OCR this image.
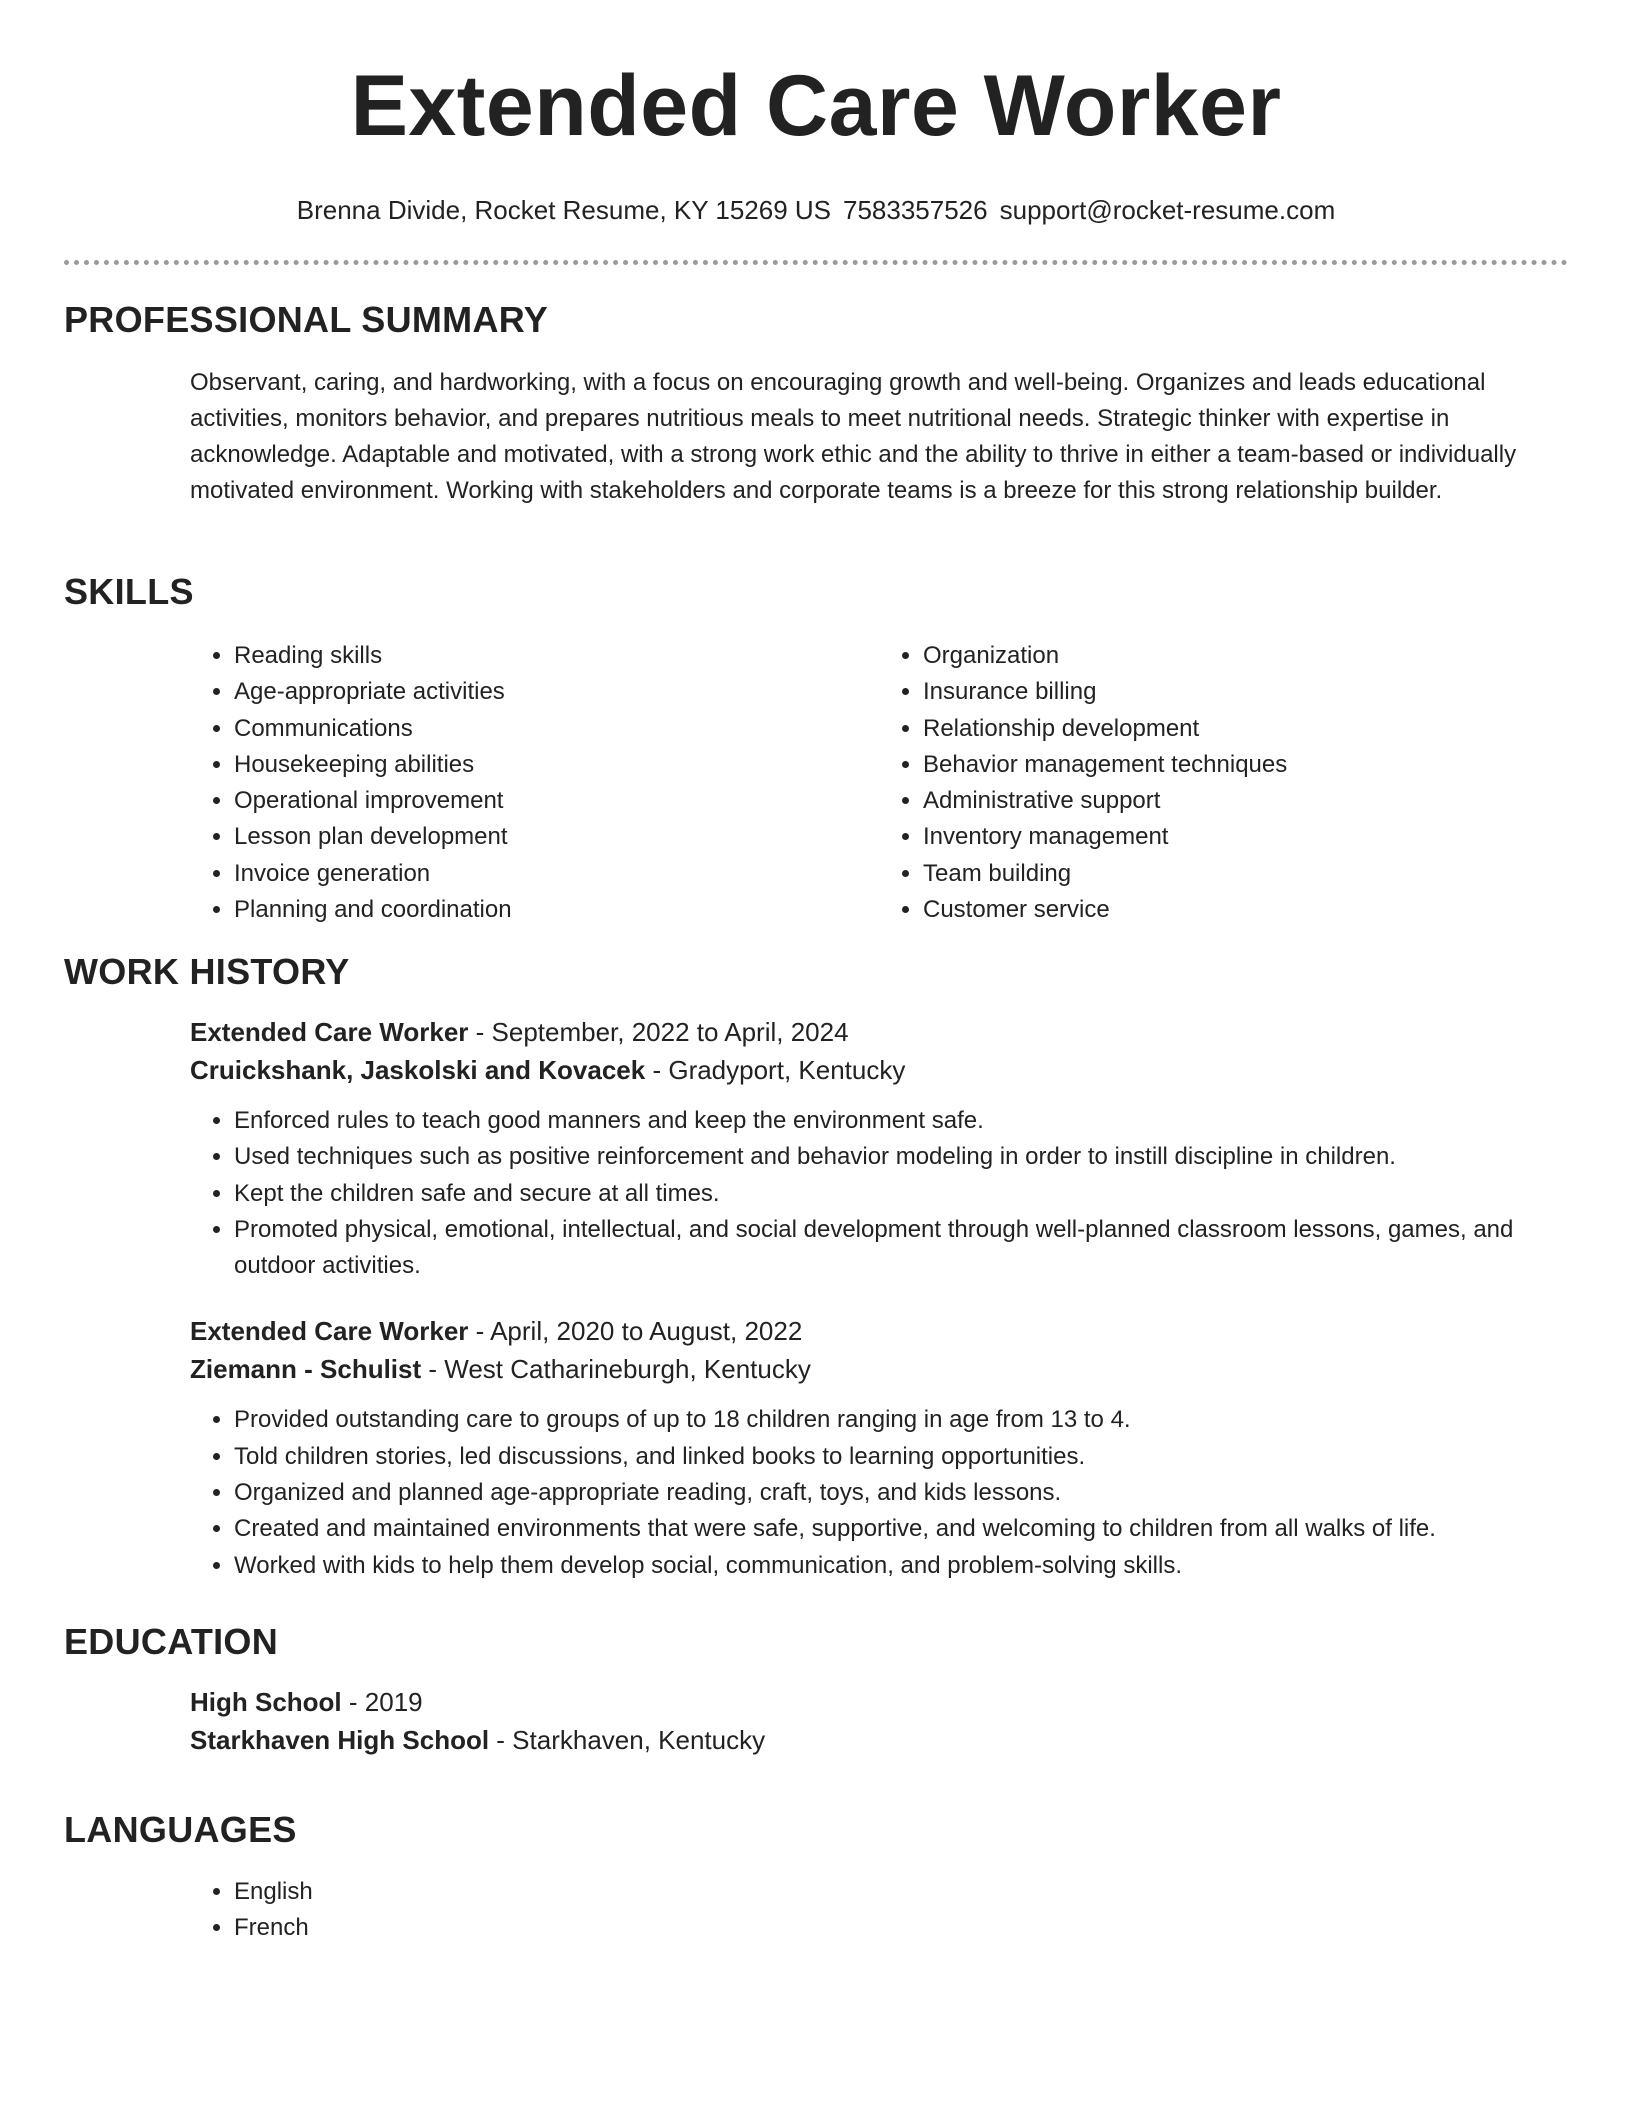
Extended Care Worker
Brenna Divide, Rocket Resume, KY 15269 US 7583357526 support@rocket-resume.com
PROFESSIONAL SUMMARY
Observant, caring, and hardworking, with a focus on encouraging growth and well-being. Organizes and leads educational activities, monitors behavior, and prepares nutritious meals to meet nutritional needs. Strategic thinker with expertise in acknowledge. Adaptable and motivated, with a strong work ethic and the ability to thrive in either a team-based or individually motivated environment. Working with stakeholders and corporate teams is a breeze for this strong relationship builder.
SKILLS
• Reading skills
• Age-appropriate activities
• Communications
• Housekeeping abilities
• Operational improvement
• Lesson plan development
• Invoice generation
• Planning and coordination
• Organization
• Insurance billing
• Relationship development
• Behavior management techniques
• Administrative support
• Inventory management
• Team building
• Customer service
WORK HISTORY
Extended Care Worker - September, 2022 to April, 2024
Cruickshank, Jaskolski and Kovacek - Gradyport, Kentucky
• Enforced rules to teach good manners and keep the environment safe.
• Used techniques such as positive reinforcement and behavior modeling in order to instill discipline in children.
• Kept the children safe and secure at all times.
• Promoted physical, emotional, intellectual, and social development through well-planned classroom lessons, games, and outdoor activities.
Extended Care Worker - April, 2020 to August, 2022
Ziemann - Schulist - West Catharineburgh, Kentucky
• Provided outstanding care to groups of up to 18 children ranging in age from 13 to 4.
• Told children stories, led discussions, and linked books to learning opportunities.
• Organized and planned age-appropriate reading, craft, toys, and kids lessons.
• Created and maintained environments that were safe, supportive, and welcoming to children from all walks of life.
• Worked with kids to help them develop social, communication, and problem-solving skills.
EDUCATION
High School - 2019
Starkhaven High School - Starkhaven, Kentucky
LANGUAGES
• English
• French
